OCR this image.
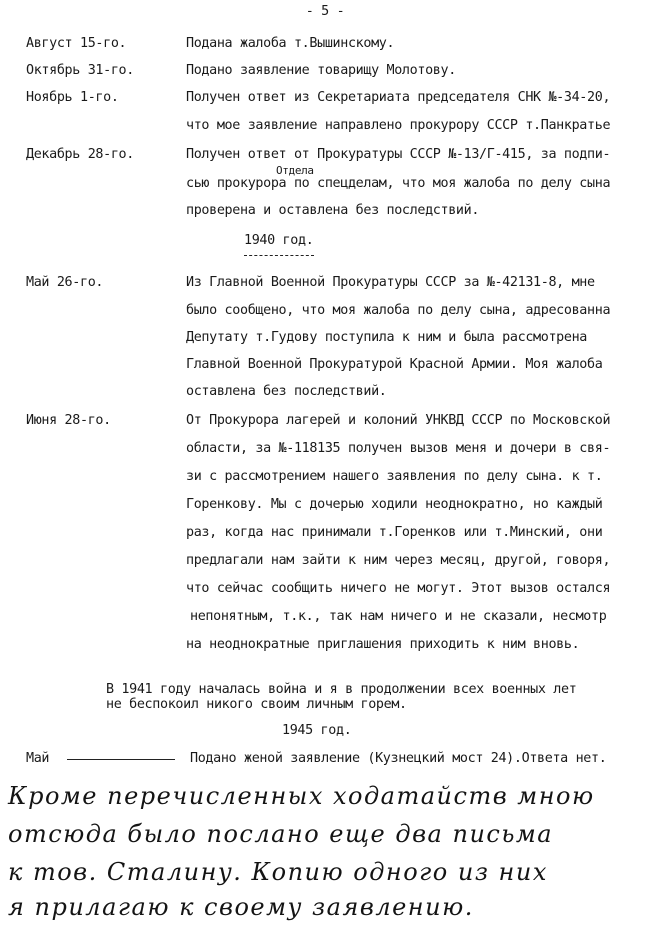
- 5 -
Август 15-го.	Подана жалоба т.Вышинскому.
Октябрь 31-го.	Подано заявление товарищу Молотову.
Ноябрь 1-го.	Получен ответ из Секретариата председателя СНК №-34-20,
что мое заявление направлено прокурору СССР т.Панкратье
Декабрь 28-го.	Получен ответ от Прокуратуры СССР №-13/Г-415, за подпи-
Отдела
сью прокурора по спецделам, что моя жалоба по делу сына
проверена и оставлена без последствий.
1940 год.
Май 26-го.	Из Главной Военной Прокуратуры СССР за №-42131-8, мне
было сообщено, что моя жалоба по делу сына, адресованна
Депутату т.Гудову поступила к ним и была рассмотрена
Главной Военной Прокуратурой Красной Армии. Моя жалоба
оставлена без последствий.
Июня 28-го.	От Прокурора лагерей и колоний УНКВД СССР по Московской
области, за №-118135 получен вызов меня и дочери в свя-
зи с рассмотрением нашего заявления по делу сына. к т.
Горенкову. Мы с дочерью ходили неоднократно, но каждый
раз, когда нас принимали т.Горенков или т.Минский, они
предлагали нам зайти к ним через месяц, другой, говоря,
что сейчас сообщить ничего не могут. Этот вызов остался
непонятным, т.к., так нам ничего и не сказали, несмотр
на неоднократные приглашения приходить к ним вновь.
В 1941 году началась война и я в продолжении всех военных лет
не беспокоил никого своим личным горем.
1945 год.
Май	Подано женой заявление (Кузнецкий мост 24).Ответа нет.
Кроме перечисленных ходатайств мною
отсюда было послано еще два письма
к тов. Сталину. Копию одного из них
я прилагаю к своему заявлению.
